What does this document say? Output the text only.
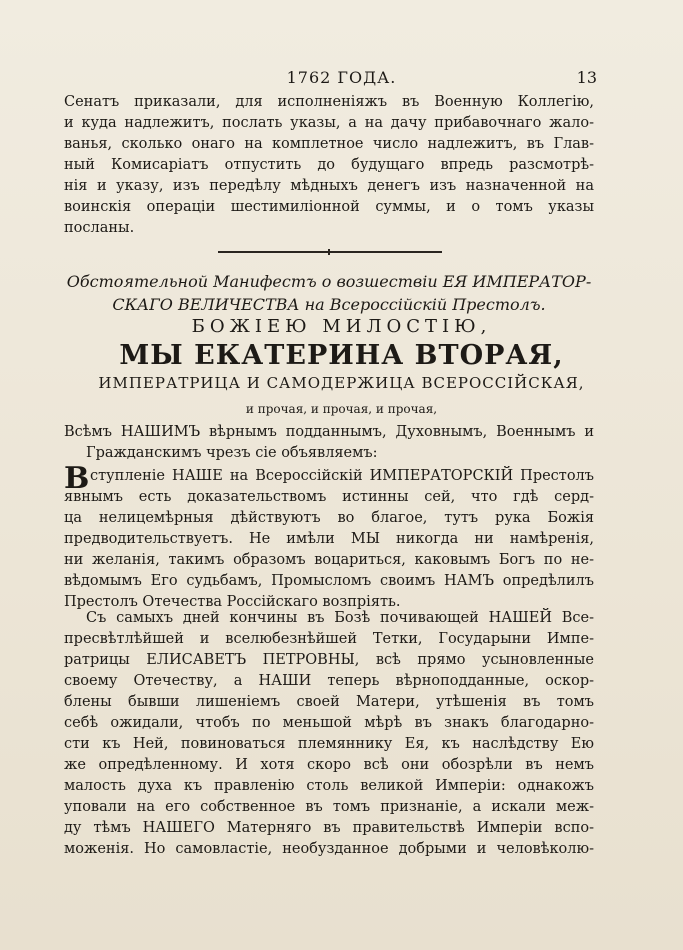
1762 ГОДА.	13
Сенатъ приказали, для исполненiяжъ въ Военную Коллегiю,
и куда надлежитъ, послать указы, а на дачу прибавочнаго жало-
ванья, сколько онаго на комплетное число надлежитъ, въ Глав-
ный Комисарiатъ отпустить до будущаго впредь разсмотрѣ-
нiя и указу, изъ передѣлу мѣдныхъ денегъ изъ назначенной на
воинскiя операцiи шестимилiонной суммы, и о томъ указы
посланы.
Обстоятельной Манифестъ о возшествiи ЕЯ ИМПЕРАТОР-
СКАГО ВЕЛИЧЕСТВА на Всероссiйскiй Престолъ.
БОЖIЕЮ МИЛОСТIЮ,
МЫ ЕКАТЕРИНА ВТОРАЯ,
ИМПЕРАТРИЦА И САМОДЕРЖИЦА ВСЕРОССIЙСКАЯ,
и прочая, и прочая, и прочая,
Всѣмъ НАШИМЪ вѣрнымъ подданнымъ, Духовнымъ, Военнымъ и
Гражданскимъ чрезъ сiе объявляемъ:
В ступленiе НАШЕ на Всероссiйскiй ИМПЕРАТОРСКIЙ Престолъ
явнымъ есть доказательствомъ истинны сей, что гдѣ серд-
ца нелицемѣрныя дѣйствуютъ во благое, тутъ рука Божiя
предводительствуетъ. Не имѣли МЫ никогда ни намѣренiя,
ни желанiя, такимъ образомъ воцариться, каковымъ Богъ по не-
вѣдомымъ Его судьбамъ, Промысломъ своимъ НАМЪ опредѣлилъ
Престолъ Отечества Россiйскаго возпрiять.
Съ самыхъ дней кончины въ Бозѣ почивающей НАШЕЙ Все-
пресвѣтлѣйшей и вселюбезнѣйшей Тетки, Государыни Импе-
ратрицы ЕЛИСАВЕТЪ ПЕТРОВНЫ, всѣ прямо усыновленные
своему Отечеству, а НАШИ теперь вѣрноподданные, оскор-
блены бывши лишенiемъ своей Матери, утѣшенiя въ томъ
себѣ ожидали, чтобъ по меньшой мѣрѣ въ знакъ благодарно-
сти къ Ней, повиноваться племяннику Ея, къ наслѣдству Ею
же опредѣленному. И хотя скоро всѣ они обозрѣли въ немъ
малость духа къ правленiю столь великой Имперiи: однакожъ
уповали на его собственное въ томъ признанiе, а искали меж-
ду тѣмъ НАШЕГО Матерняго въ правительствѣ Имперiи вспо-
моженiя. Но самовластiе, необузданное добрыми и человѣколю-
